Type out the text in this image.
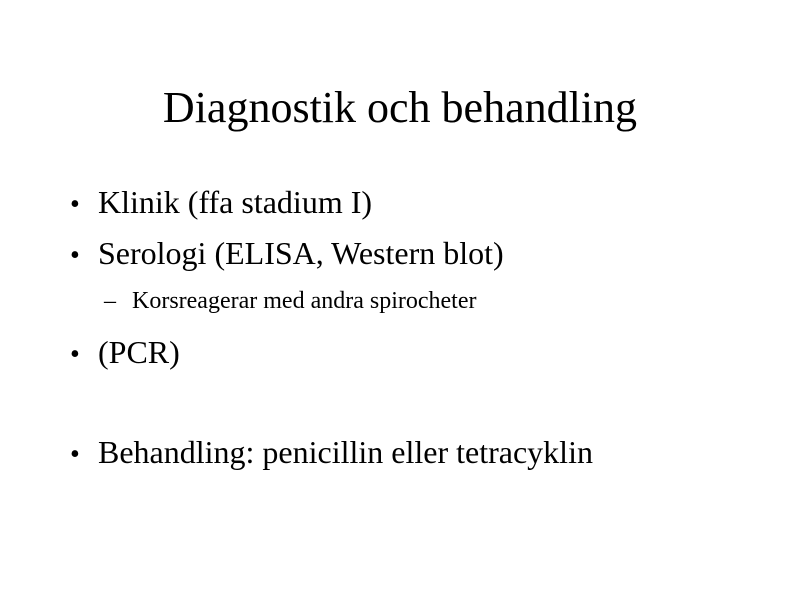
Diagnostik och behandling
• Klinik (ffa stadium I)
• Serologi (ELISA, Western blot)
– Korsreagerar med andra spirocheter
• (PCR)
• Behandling: penicillin eller tetracyklin
